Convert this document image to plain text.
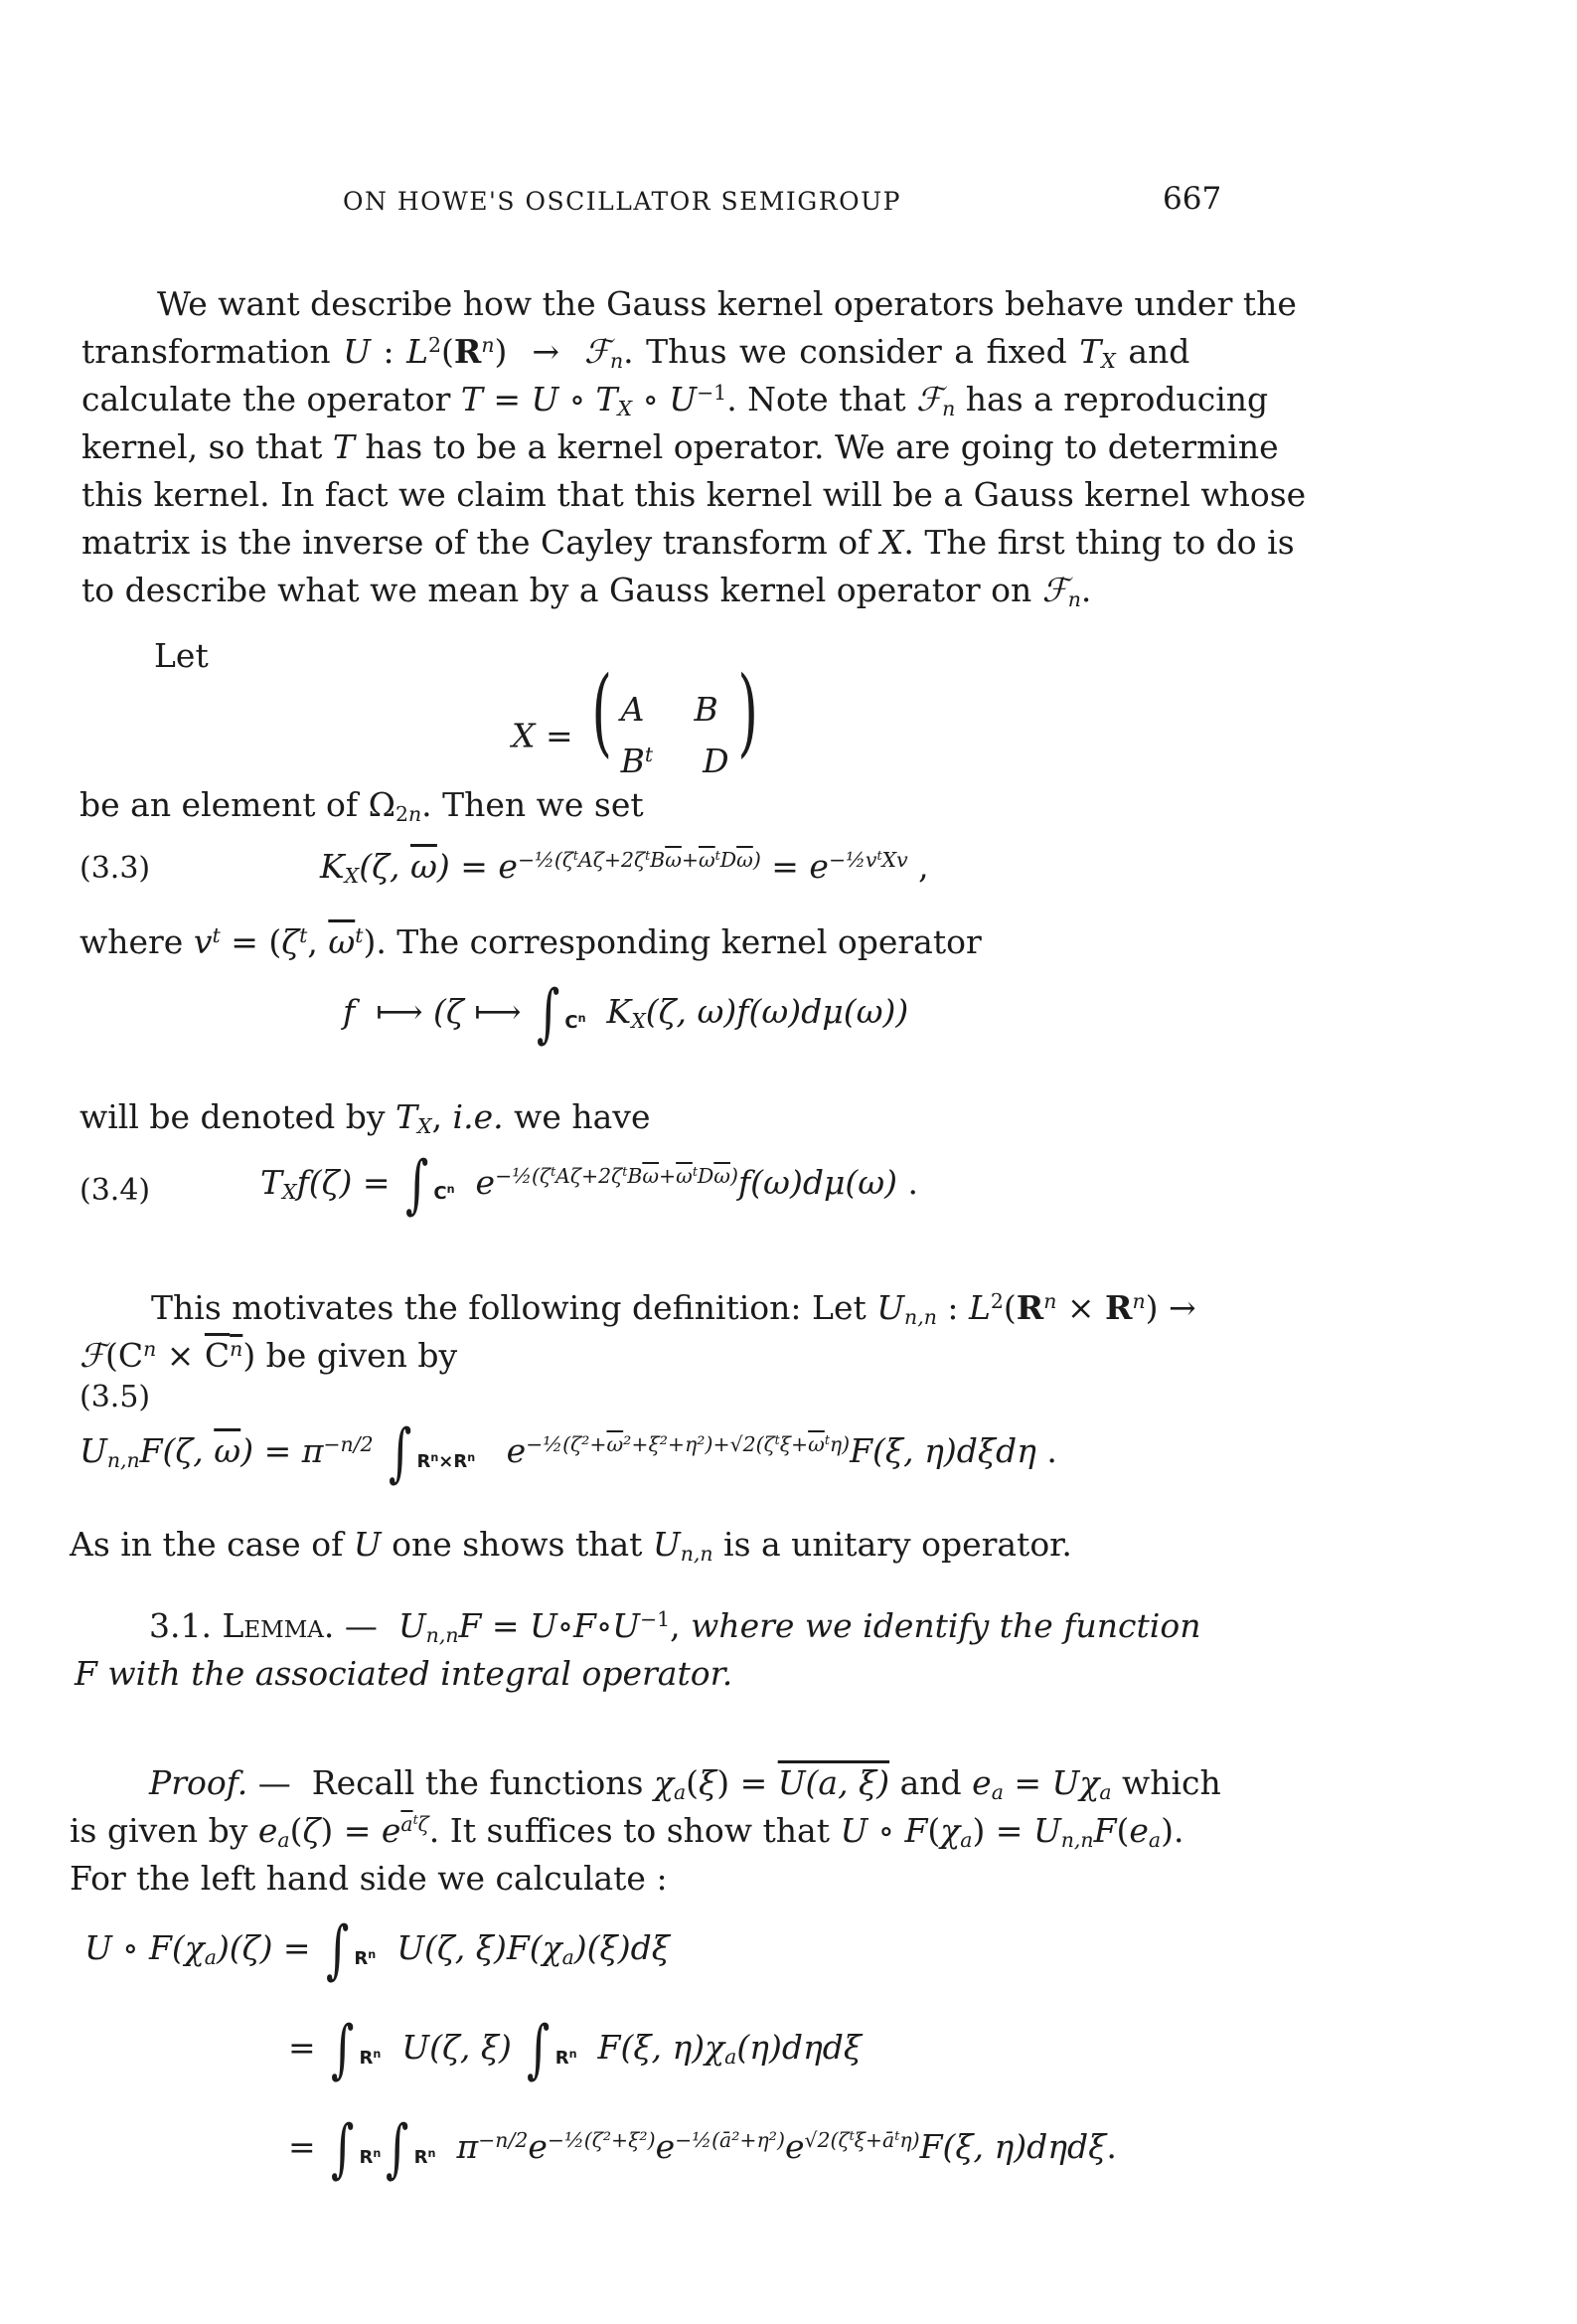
ON HOWE'S OSCILLATOR SEMIGROUP	667
We want describe how the Gauss kernel operators behave under the
transformation U : $L^2(R^n)$  →  ℱ$_n$. Thus we consider a fixed $T_X$ and
calculate the operator T = U ∘ $T_X$ ∘ $U^{-1}$. Note that ℱ$_n$ has a reproducing
kernel, so that T has to be a kernel operator. We are going to determine
this kernel. In fact we claim that this kernel will be a Gauss kernel whose
matrix is the inverse of the Cayley transform of X. The first thing to do is
to describe what we mean by a Gauss kernel operator on ℱ$_n$.
Let
X = ( A B
$B^t$ D )
be an element of $\Omega_{2n}$. Then we set
(3.3)	$K_X(\zeta$, $\overline{\omega}) = e^{-\frac{1}{2}(\zeta^tA\zeta+2\zeta^tB\overline{\omega}+\overline{\omega}^tD\overline{\omega})} = e^{-\frac{1}{2}v^tXv}$ ,
where $v^t = (\zeta^t$, $\overline{\omega}^t$). The corresponding kernel operator
f  ⟼ (ζ ⟼ ∫ $_{C^n}$  $K_X(\zeta$, ω)f(ω)dμ(ω))
will be denoted by $T_X$, i.e. we have
(3.4)	$T_Xf(\zeta)$ = ∫ $_{C^n}$  $e^{-\frac{1}{2}(\zeta^tA\zeta+2\zeta^tB\overline{\omega}+\overline{\omega}^tD\overline{\omega})}f(\omega)d\mu(\omega)$ .
This motivates the following definition: Let $U_{n,n}$ : $L^2(R^n \times R^n)$ →
$ℱ(C^n \times C^n)$ be given by
(3.5)
$U_{n,n}F(\zeta$, $\overline{\omega}) = \pi^{-n/2}$ ∫ $_{R^n\times R^n}$   $e^{-\frac{1}{2}(\zeta^2+\overline{\omega}^2+\xi^2+\eta^2)+√2(\zeta^t\xi+\overline{\omega}^t\eta)}F(\xi$, η)dξdη .
As in the case of U one shows that $U_{n,n}$ is a unitary operator.
3.1. Lemma. —  $U_{n,n}F$ = $U\circ F\circ U^{-1}$, where we identify the function
F with the associated integral operator.
Proof. —  Recall the functions $\chi_a(\xi) = U(a$, ξ) and $e_a = U\chi_a$ which
is given by $e_a(\zeta) = e^{\overline{a}^t\zeta}$. It suffices to show that U ∘ $F(\chi_a) = U_{n,n}F(e_a)$.
For the left hand side we calculate :
U ∘ $F(\chi_a)(\zeta)$ = ∫ $_{R^n}$  U(ζ, $\xi)F(\chi_a)(\xi)d\xi$
= ∫ $_{R^n}$  U(ζ, ξ) ∫ $_{R^n}$  F(ξ, $\eta)\chi_a(\eta)d\eta d\xi$
= ∫ $_{R^n}$∫ $_{R^n}$  $\pi^{-n/2}e^{-\frac{1}{2}(\zeta^2+\xi^2)}e^{-\frac{1}{2}(ā^2+\eta^2)}e^{√2(\zeta^t\xi+ā^t\eta)}F(\xi$, η)dηdξ.
